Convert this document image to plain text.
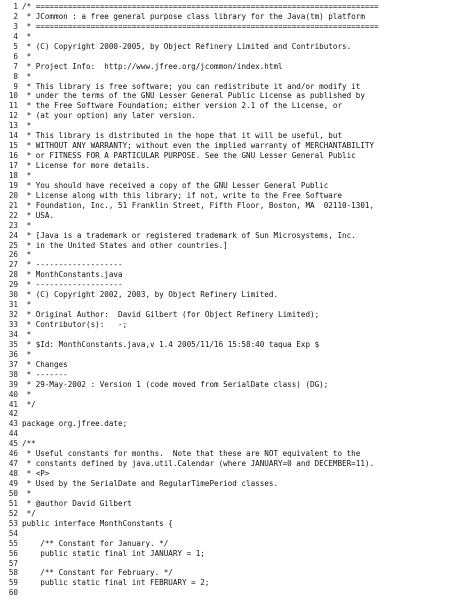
1 /* ===========================================================================
2 * JCommon : a free general purpose class library for the Java(tm) platform
3 * ===========================================================================
4 *
5 * (C) Copyright 2000-2005, by Object Refinery Limited and Contributors.
6 *
7 * Project Info:  http://www.jfree.org/jcommon/index.html
8 *
9 * This library is free software; you can redistribute it and/or modify it
10 * under the terms of the GNU Lesser General Public License as published by
11 * the Free Software Foundation; either version 2.1 of the License, or
12 * (at your option) any later version.
13 *
14 * This library is distributed in the hope that it will be useful, but
15 * WITHOUT ANY WARRANTY; without even the implied warranty of MERCHANTABILITY
16 * or FITNESS FOR A PARTICULAR PURPOSE. See the GNU Lesser General Public
17 * License for more details.
18 *
19 * You should have received a copy of the GNU Lesser General Public
20 * License along with this library; if not, write to the Free Software
21 * Foundation, Inc., 51 Franklin Street, Fifth Floor, Boston, MA  02110-1301,
22 * USA.
23 *
24 * [Java is a trademark or registered trademark of Sun Microsystems, Inc.
25 * in the United States and other countries.]
26 *
27 * -------------------
28 * MonthConstants.java
29 * -------------------
30 * (C) Copyright 2002, 2003, by Object Refinery Limited.
31 *
32 * Original Author:  David Gilbert (for Object Refinery Limited);
33 * Contributor(s):   -;
34 *
35 * $Id: MonthConstants.java,v 1.4 2005/11/16 15:58:40 taqua Exp $
36 *
37 * Changes
38 * -------
39 * 29-May-2002 : Version 1 (code moved from SerialDate class) (DG);
40 *
41 */
42
43 package org.jfree.date;
44
45 /**
46 * Useful constants for months.  Note that these are NOT equivalent to the
47 * constants defined by java.util.Calendar (where JANUARY=0 and DECEMBER=11).
48 * <P>
49 * Used by the SerialDate and RegularTimePeriod classes.
50 *
51 * @author David Gilbert
52 */
53 public interface MonthConstants {
54
55 /** Constant for January. */
56 public static final int JANUARY = 1;
57
58 /** Constant for February. */
59 public static final int FEBRUARY = 2;
60
